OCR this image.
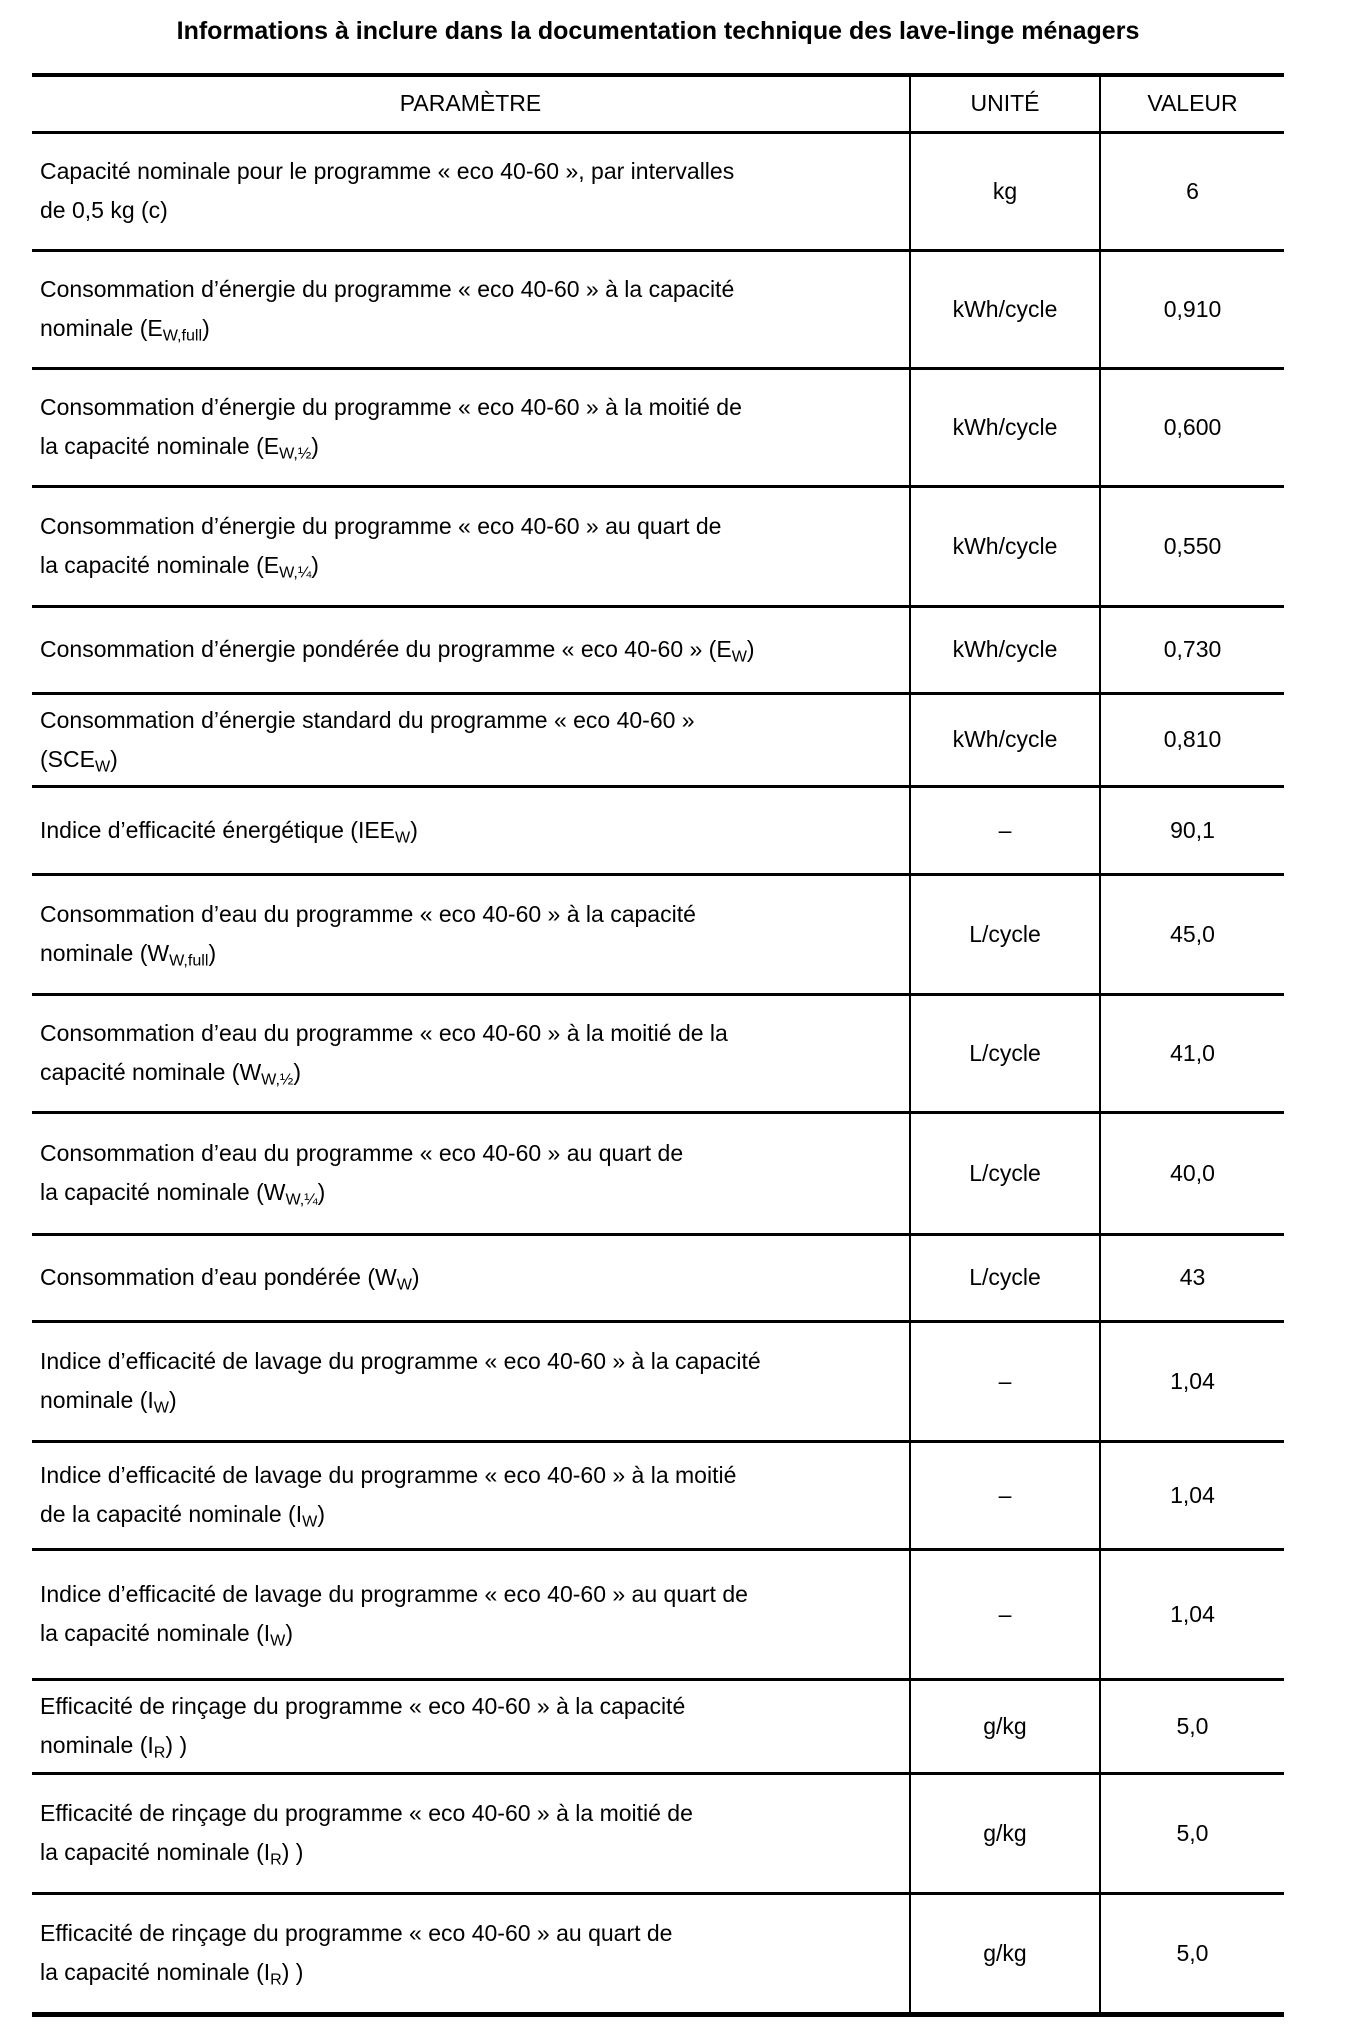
Informations à inclure dans la documentation technique des lave-linge ménagers
PARAMÈTRE	UNITÉ	VALEUR
Capacité nominale pour le programme « eco 40-60 », par intervalles
de 0,5 kg (c)	kg	6
Consommation d’énergie du programme « eco 40-60 » à la capacité
nominale $(E_{W,full})$	kWh/cycle	0,910
Consommation d’énergie du programme « eco 40-60 » à la moitié de
la capacité nominale $(E_{W,\frac{1}{2}})$	kWh/cycle	0,600
Consommation d’énergie du programme « eco 40-60 » au quart de
la capacité nominale $(E_{W,\frac{1}{4}})$	kWh/cycle	0,550
Consommation d’énergie pondérée du programme « eco 40-60 » $(E_W)$	kWh/cycle	0,730
Consommation d’énergie standard du programme « eco 40-60 »
$(SCE_W)$	kWh/cycle	0,810
Indice d’efficacité énergétique $(IEE_W)$	–	90,1
Consommation d’eau du programme « eco 40-60 » à la capacité
nominale $(W_{W,full})$	L/cycle	45,0
Consommation d’eau du programme « eco 40-60 » à la moitié de la
capacité nominale $(W_{W,\frac{1}{2}})$	L/cycle	41,0
Consommation d’eau du programme « eco 40-60 » au quart de
la capacité nominale $(W_{W,\frac{1}{4}})$	L/cycle	40,0
Consommation d’eau pondérée $(W_W)$	L/cycle	43
Indice d’efficacité de lavage du programme « eco 40-60 » à la capacité
nominale $(I_W)$	–	1,04
Indice d’efficacité de lavage du programme « eco 40-60 » à la moitié
de la capacité nominale $(I_W)$	–	1,04
Indice d’efficacité de lavage du programme « eco 40-60 » au quart de
la capacité nominale $(I_W)$	–	1,04
Efficacité de rinçage du programme « eco 40-60 » à la capacité
nominale $(I_R)$ )	g/kg	5,0
Efficacité de rinçage du programme « eco 40-60 » à la moitié de
la capacité nominale $(I_R)$ )	g/kg	5,0
Efficacité de rinçage du programme « eco 40-60 » au quart de
la capacité nominale $(I_R)$ )	g/kg	5,0
